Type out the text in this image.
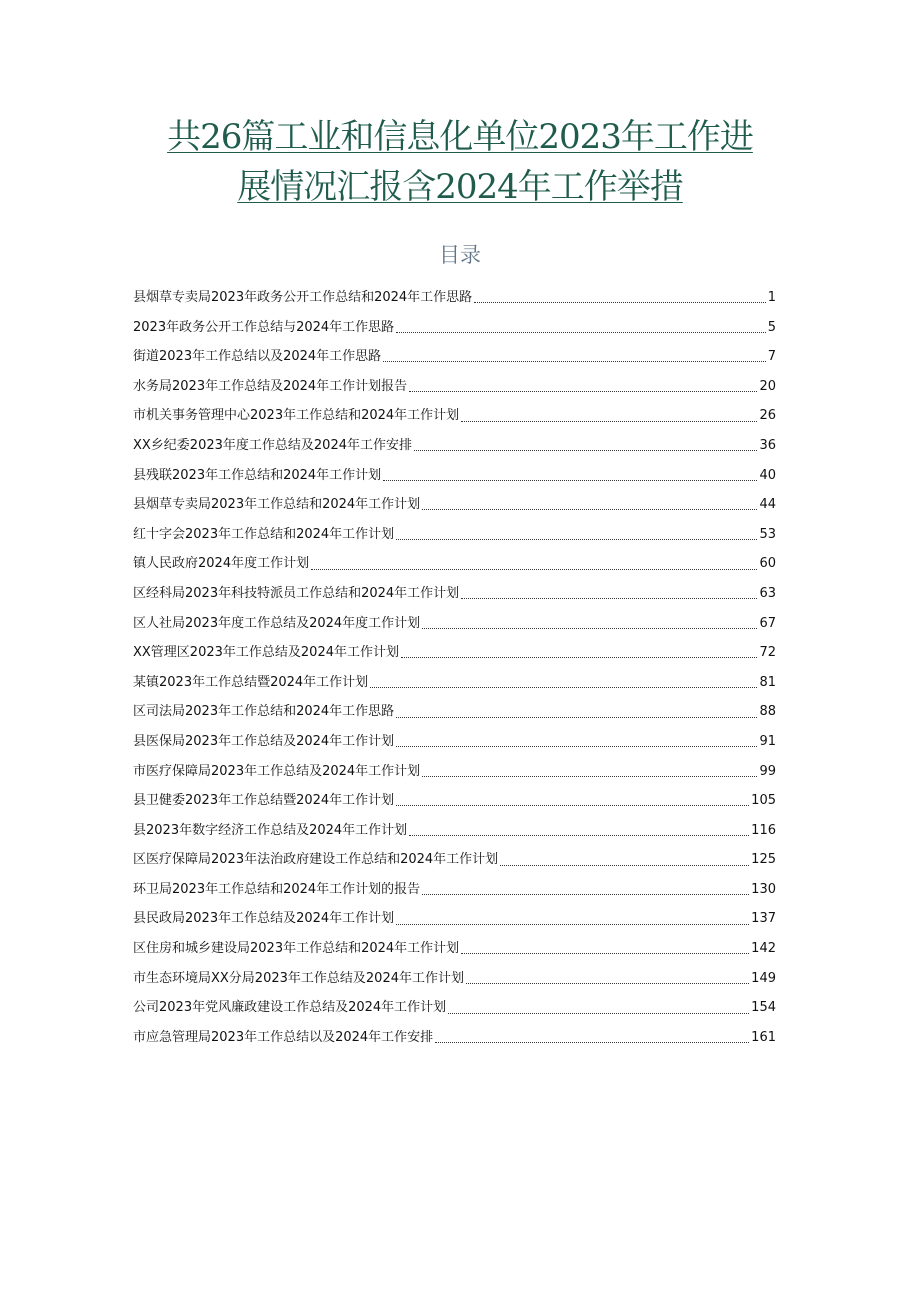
共26篇工业和信息化单位2023年工作进
展情况汇报含2024年工作举措
目录
县烟草专卖局2023年政务公开工作总结和2024年工作思路	1
2023年政务公开工作总结与2024年工作思路	5
街道2023年工作总结以及2024年工作思路	7
水务局2023年工作总结及2024年工作计划报告	20
市机关事务管理中心2023年工作总结和2024年工作计划	26
XX乡纪委2023年度工作总结及2024年工作安排	36
县残联2023年工作总结和2024年工作计划	40
县烟草专卖局2023年工作总结和2024年工作计划	44
红十字会2023年工作总结和2024年工作计划	53
镇人民政府2024年度工作计划	60
区经科局2023年科技特派员工作总结和2024年工作计划	63
区人社局2023年度工作总结及2024年度工作计划	67
XX管理区2023年工作总结及2024年工作计划	72
某镇2023年工作总结暨2024年工作计划	81
区司法局2023年工作总结和2024年工作思路	88
县医保局2023年工作总结及2024年工作计划	91
市医疗保障局2023年工作总结及2024年工作计划	99
县卫健委2023年工作总结暨2024年工作计划	105
县2023年数字经济工作总结及2024年工作计划	116
区医疗保障局2023年法治政府建设工作总结和2024年工作计划	125
环卫局2023年工作总结和2024年工作计划的报告	130
县民政局2023年工作总结及2024年工作计划	137
区住房和城乡建设局2023年工作总结和2024年工作计划	142
市生态环境局XX分局2023年工作总结及2024年工作计划	149
公司2023年党风廉政建设工作总结及2024年工作计划	154
市应急管理局2023年工作总结以及2024年工作安排	161
